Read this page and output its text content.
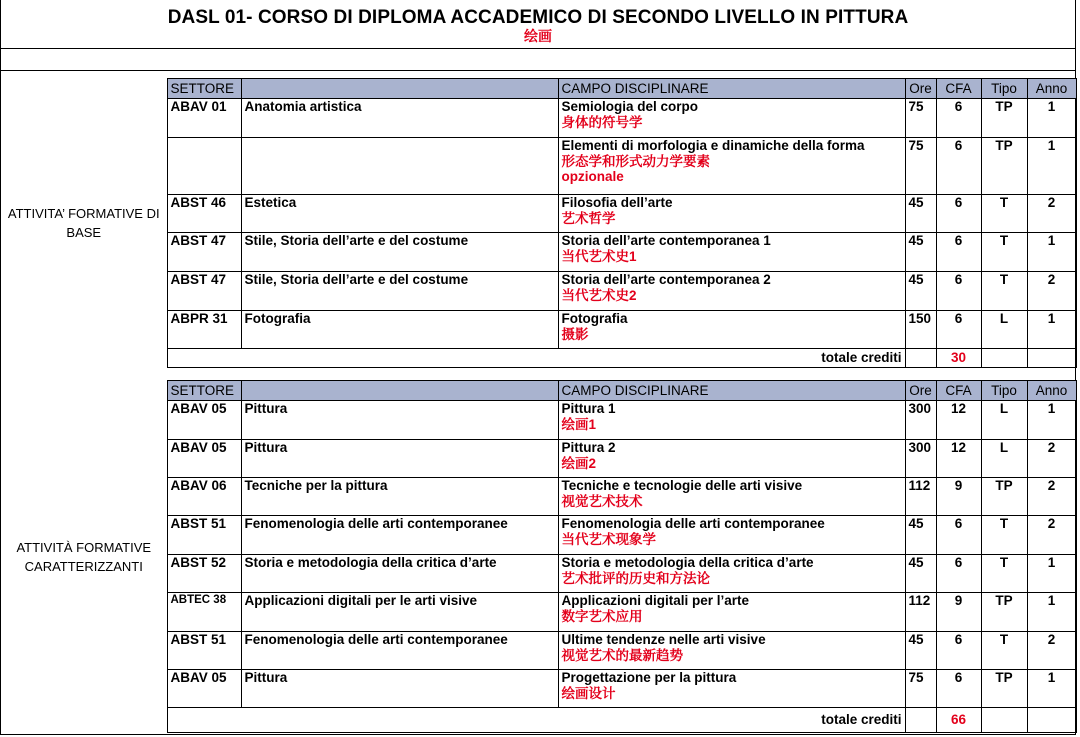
DASL 01- CORSO DI DIPLOMA ACCADEMICO DI SECONDO LIVELLO IN PITTURA
绘画
ATTIVITA’ FORMATIVE DI BASE	SETTORE		CAMPO DISCIPLINARE	Ore	CFA	Tipo	Anno
	ABAV 01	Anatomia artistica	Semiologia del corpo
身体的符号学	75	6	TP	1
			Elementi di morfologia e dinamiche della forma
形态学和形式动力学要素
opzionale	75	6	TP	1
	ABST 46	Estetica	Filosofia dell’arte
艺术哲学	45	6	T	2
	ABST 47	Stile, Storia dell’arte e del costume	Storia dell’arte contemporanea 1
当代艺术史1	45	6	T	1
	ABST 47	Stile, Storia dell’arte e del costume	Storia dell’arte contemporanea 2
当代艺术史2	45	6	T	2
	ABPR 31	Fotografia	Fotografia
摄影	150	6	L	1
	totale crediti				30		
ATTIVITÀ FORMATIVE CARATTERIZZANTI	SETTORE		CAMPO DISCIPLINARE	Ore	CFA	Tipo	Anno
	ABAV 05	Pittura	Pittura 1
绘画1	300	12	L	1
	ABAV 05	Pittura	Pittura 2
绘画2	300	12	L	2
	ABAV 06	Tecniche per la pittura	Tecniche e tecnologie delle arti visive
视觉艺术技术	112	9	TP	2
	ABST 51	Fenomenologia delle arti contemporanee	Fenomenologia delle arti contemporanee
当代艺术现象学	45	6	T	2
	ABST 52	Storia e metodologia della critica d’arte	Storia e metodologia della critica d’arte
艺术批评的历史和方法论	45	6	T	1
	ABTEC 38	Applicazioni digitali per le arti visive	Applicazioni digitali per l’arte
数字艺术应用	112	9	TP	1
	ABST 51	Fenomenologia delle arti contemporanee	Ultime tendenze nelle arti visive
视觉艺术的最新趋势	45	6	T	2
	ABAV 05	Pittura	Progettazione per la pittura
绘画设计	75	6	TP	1
	totale crediti				66		
